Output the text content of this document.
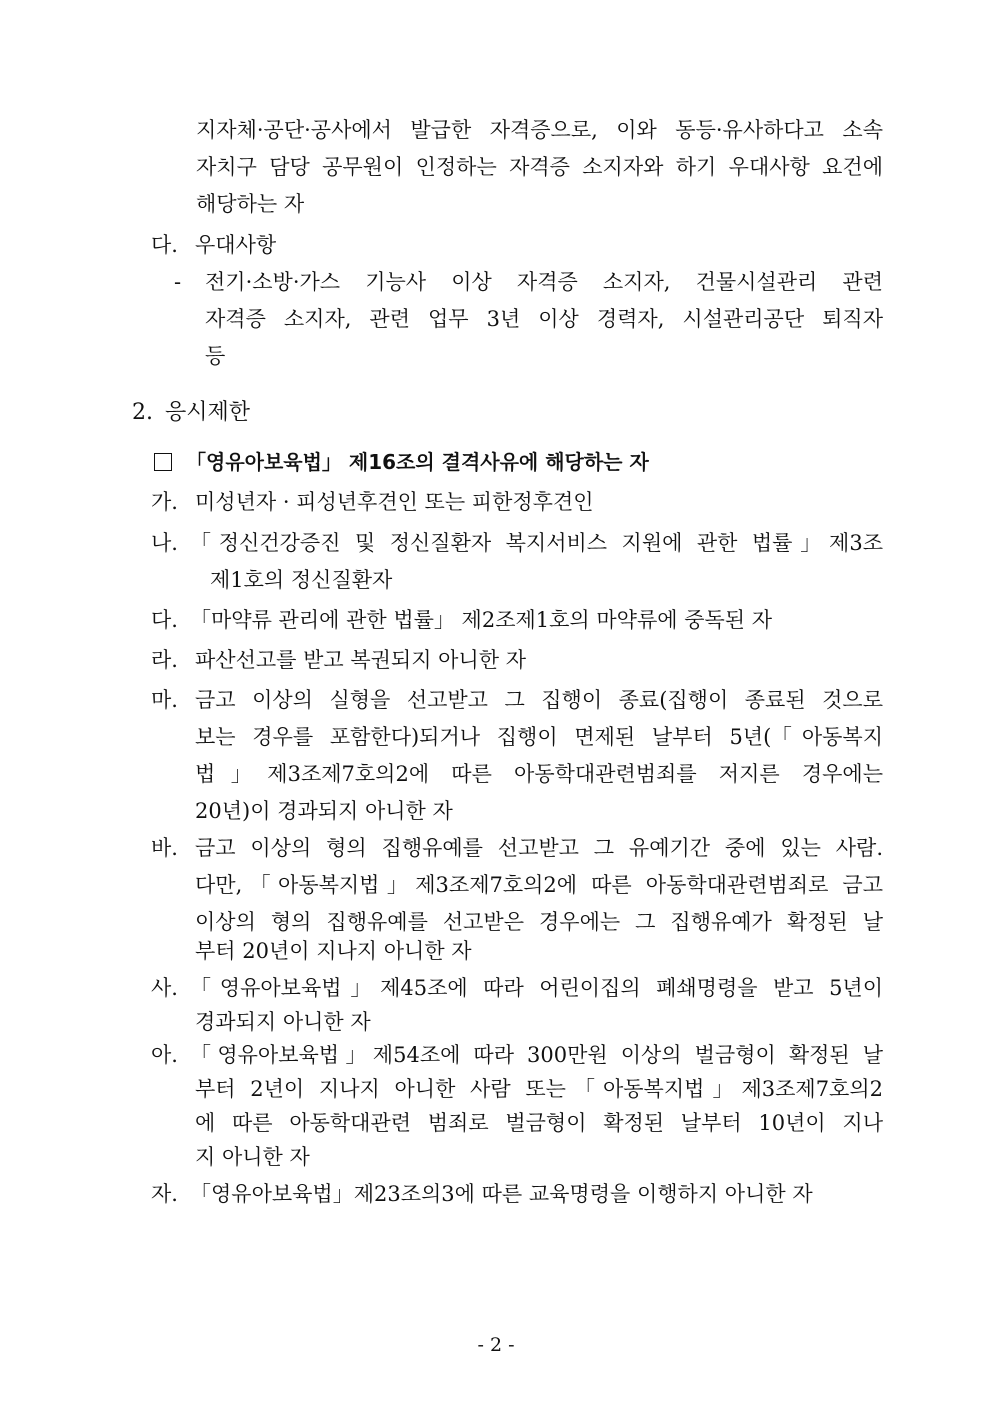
지자체·공단·공사에서 발급한 자격증으로, 이와 동등·유사하다고 소속
자치구 담당 공무원이 인정하는 자격증 소지자와 하기 우대사항 요건에
해당하는 자
다. 우대사항
- 전기·소방·가스 기능사 이상 자격증 소지자, 건물시설관리 관련
자격증 소지자, 관련 업무 3년 이상 경력자, 시설관리공단 퇴직자
등
2. 응시제한
「영유아보육법」 제16조의 결격사유에 해당하는 자
가. 미성년자 · 피성년후견인 또는 피한정후견인
나. 「정신건강증진 및 정신질환자 복지서비스 지원에 관한 법률」제3조
제1호의 정신질환자
다. 「마약류 관리에 관한 법률」 제2조제1호의 마약류에 중독된 자
라. 파산선고를 받고 복권되지 아니한 자
마. 금고 이상의 실형을 선고받고 그 집행이 종료(집행이 종료된 것으로
보는 경우를 포함한다)되거나 집행이 면제된 날부터 5년(「아동복지
법」제3조제7호의2에 따른 아동학대관련범죄를 저지른 경우에는
20년)이 경과되지 아니한 자
바. 금고 이상의 형의 집행유예를 선고받고 그 유예기간 중에 있는 사람.
다만,「아동복지법」제3조제7호의2에 따른 아동학대관련범죄로 금고
이상의 형의 집행유예를 선고받은 경우에는 그 집행유예가 확정된 날
부터 20년이 지나지 아니한 자
사. 「영유아보육법」제45조에 따라 어린이집의 폐쇄명령을 받고 5년이
경과되지 아니한 자
아. 「영유아보육법」제54조에 따라 300만원 이상의 벌금형이 확정된 날
부터 2년이 지나지 아니한 사람 또는「아동복지법」제3조제7호의2
에 따른 아동학대관련 범죄로 벌금형이 확정된 날부터 10년이 지나
지 아니한 자
자. 「영유아보육법」제23조의3에 따른 교육명령을 이행하지 아니한 자
- 2 -
